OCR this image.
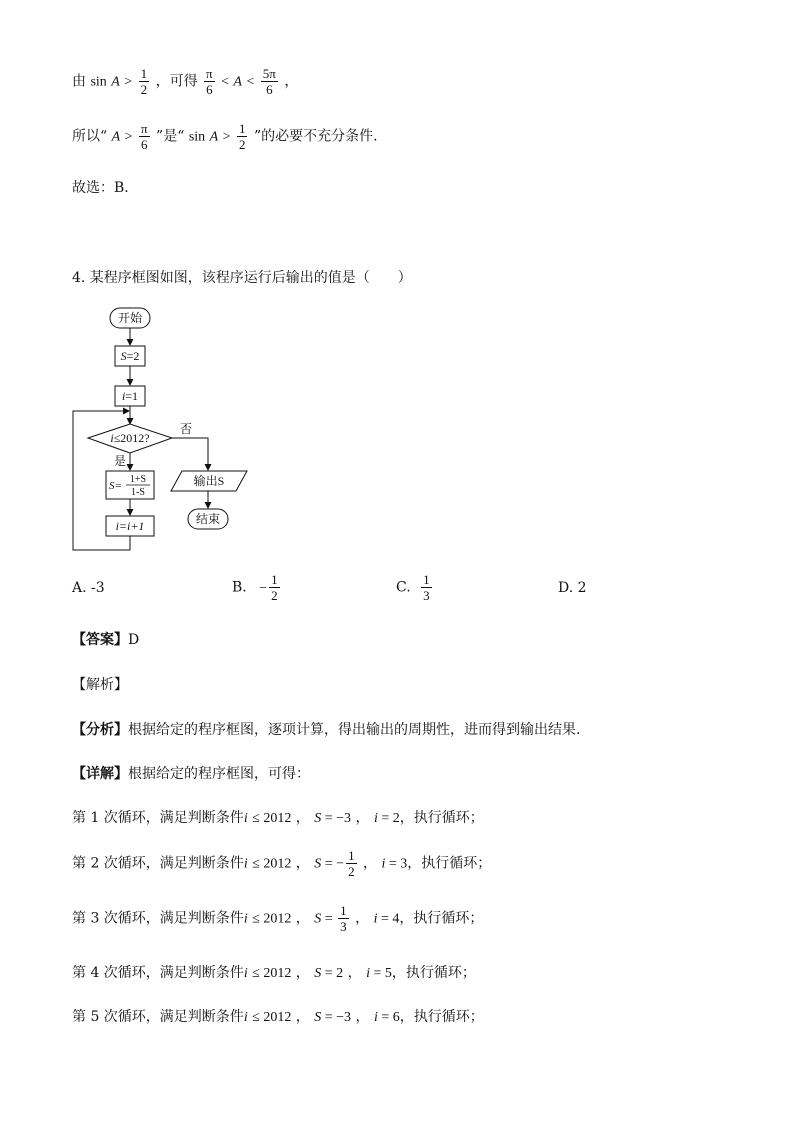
由 $\sin A > \frac{1}{2}$ ，可得 $\frac{\pi}{6} < A < \frac{5\pi}{6}$ ，
所以“ $A > \frac{\pi}{6}$ ”是“ $\sin A > \frac{1}{2}$ ”的必要不充分条件.
故选：B.
4. 某程序框图如图，该程序运行后输出的值是（　　）
开始
S=2
i=1
i≤2012?
否
是
S=
1+S
1-S
i=i+1
输出S
结束
A. -3	B. − $\frac{1}{2}$	C. $\frac{1}{3}$	D. 2
【答案】D
【解析】
【分析】根据给定的程序框图，逐项计算，得出输出的周期性，进而得到输出结果.
【详解】根据给定的程序框图，可得：
第 1 次循环，满足判断条件i ≤ 2012 ， S = −3 ， i = 2，执行循环；
第 2 次循环，满足判断条件i ≤ 2012 ， S = − $\frac{1}{2}$ ， i = 3，执行循环；
第 3 次循环，满足判断条件i ≤ 2012 ， $S = \frac{1}{3}$ ， i = 4，执行循环；
第 4 次循环，满足判断条件i ≤ 2012 ， S = 2 ， i = 5，执行循环；
第 5 次循环，满足判断条件i ≤ 2012 ， S = −3 ， i = 6，执行循环；
